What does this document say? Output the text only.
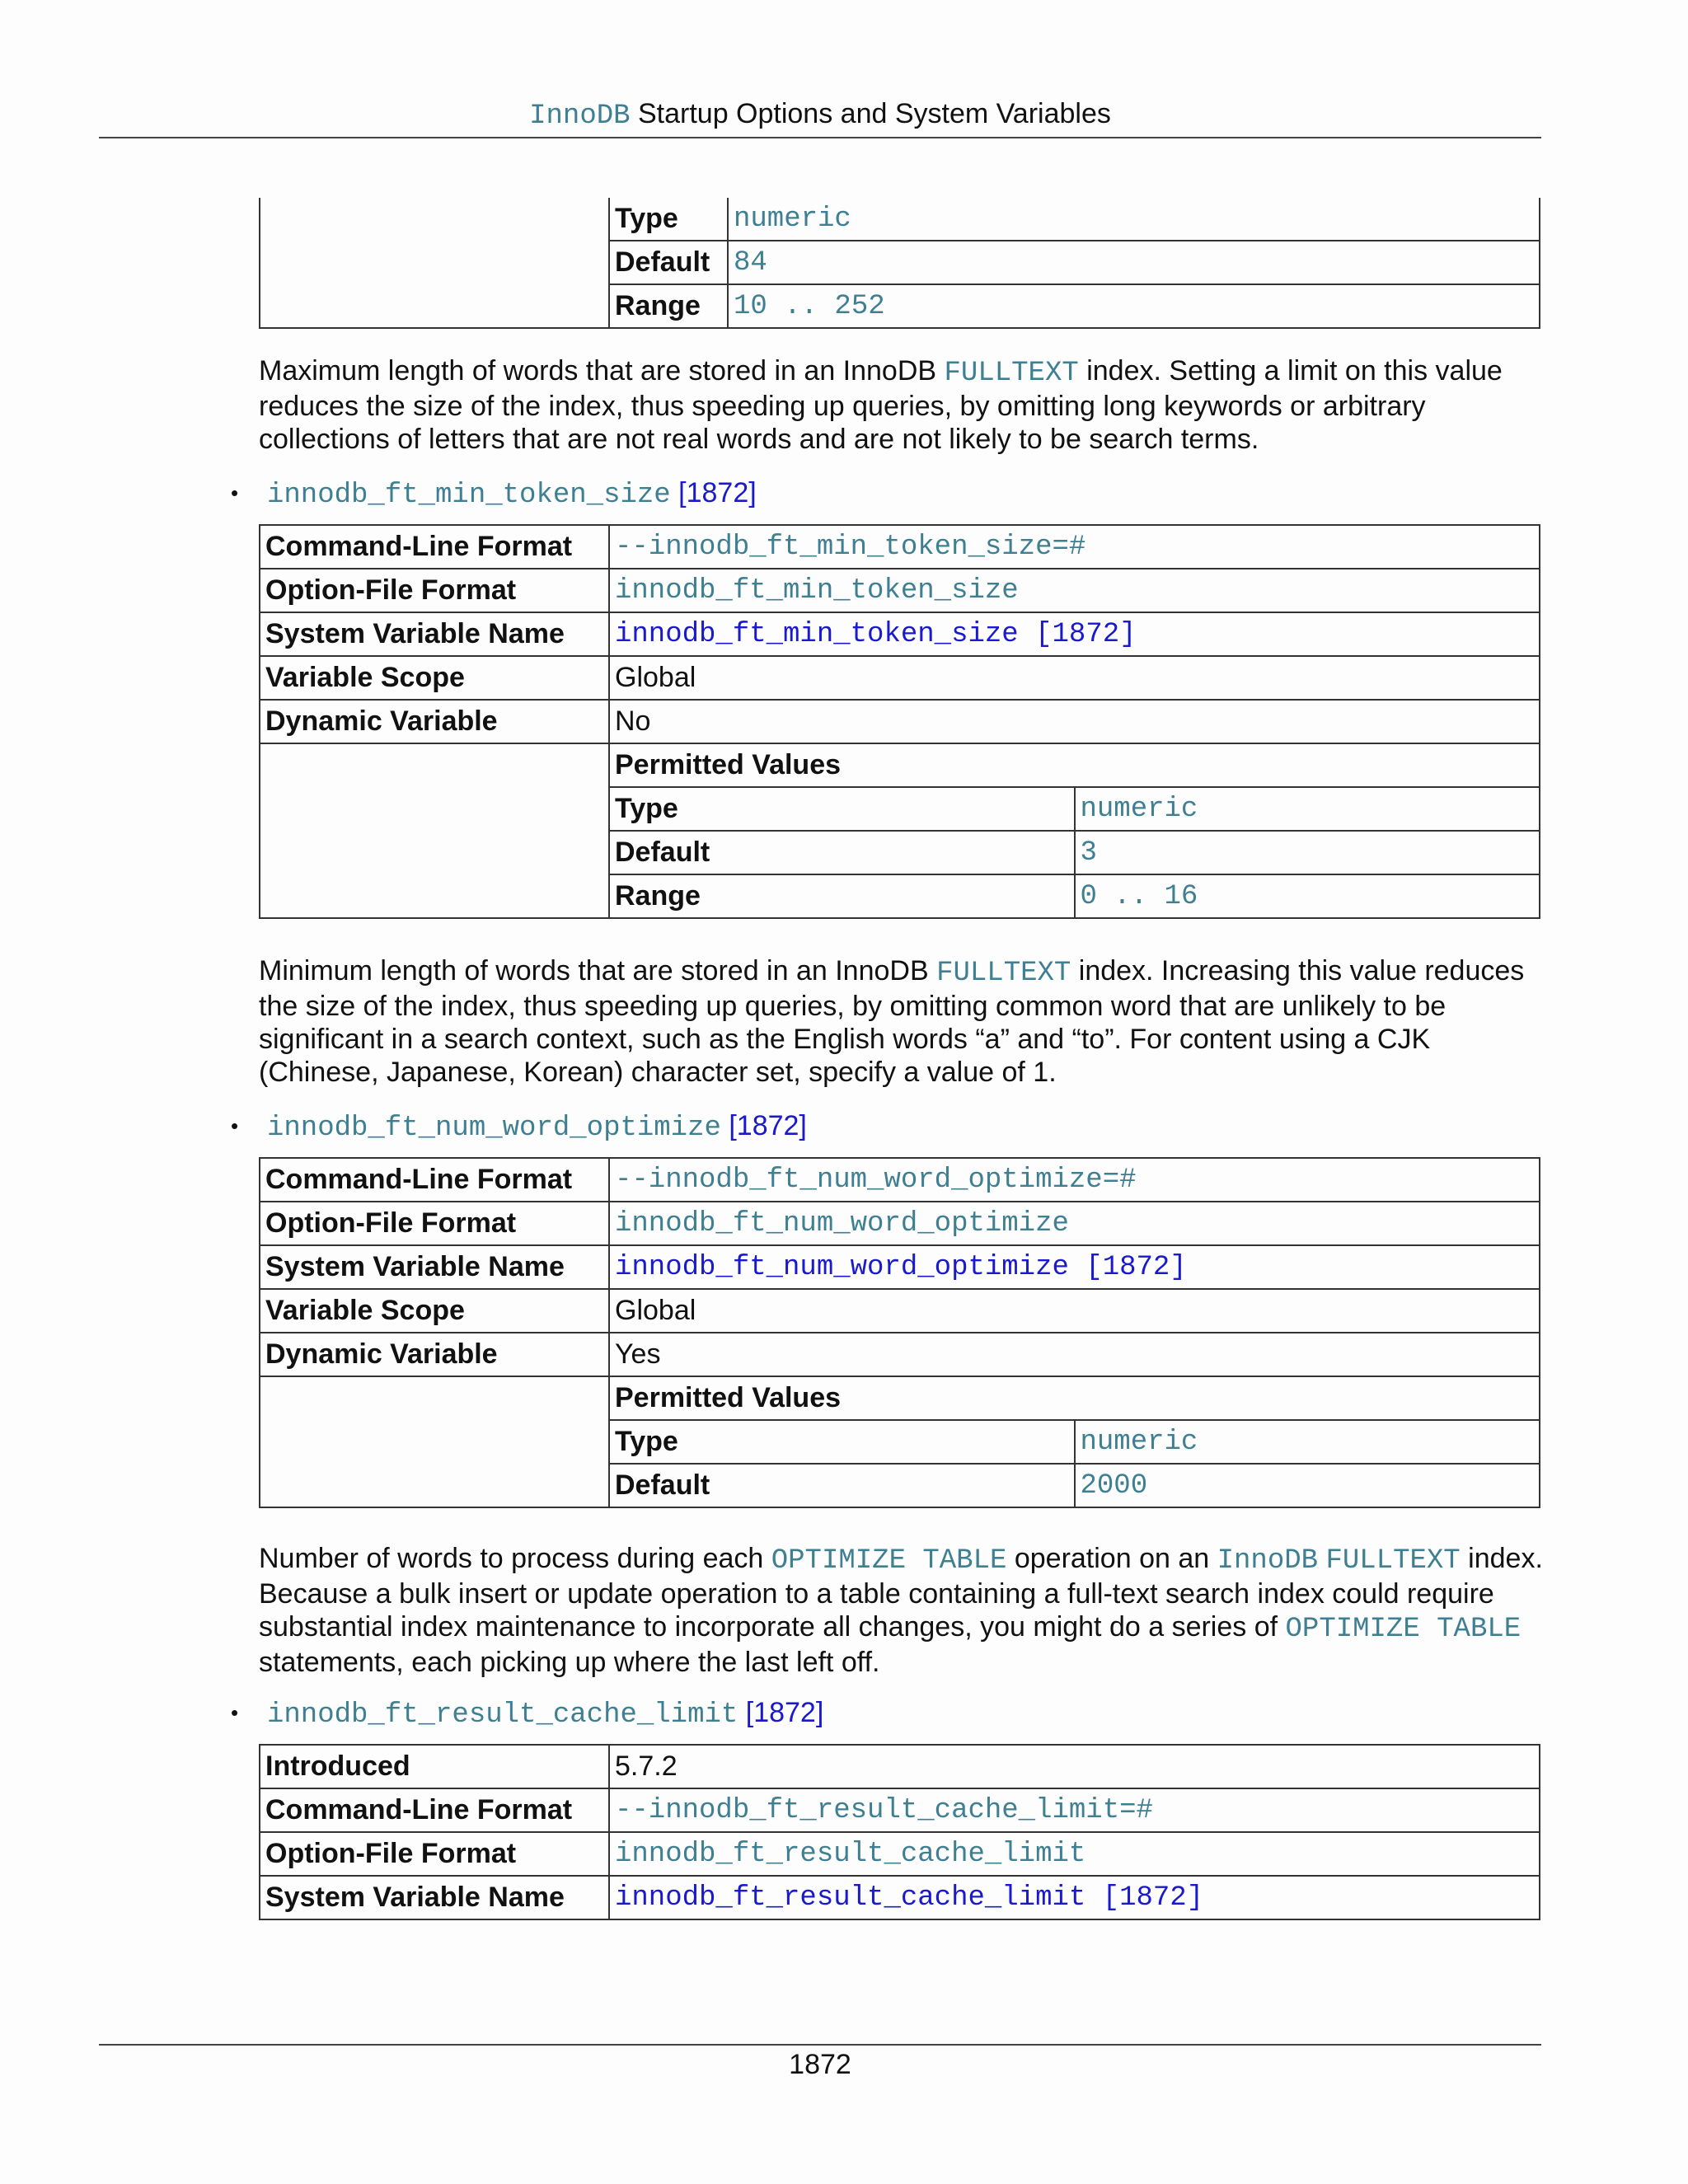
InnoDB Startup Options and System Variables
	Type	numeric
	Default	84
	Range	10 .. 252
Maximum length of words that are stored in an InnoDB FULLTEXT index. Setting a limit on this value reduces the size of the index, thus speeding up queries, by omitting long keywords or arbitrary collections of letters that are not real words and are not likely to be search terms.
• innodb_ft_min_token_size [1872]
Command-Line Format	--innodb_ft_min_token_size=#	
Option-File Format	innodb_ft_min_token_size	
System Variable Name	innodb_ft_min_token_size [1872]	
Variable Scope	Global	
Dynamic Variable	No	
	Permitted Values	
	Type	numeric
	Default	3
	Range	0 .. 16
Minimum length of words that are stored in an InnoDB FULLTEXT index. Increasing this value reduces the size of the index, thus speeding up queries, by omitting common word that are unlikely to be significant in a search context, such as the English words “a” and “to”. For content using a CJK (Chinese, Japanese, Korean) character set, specify a value of 1.
• innodb_ft_num_word_optimize [1872]
Command-Line Format	--innodb_ft_num_word_optimize=#	
Option-File Format	innodb_ft_num_word_optimize	
System Variable Name	innodb_ft_num_word_optimize [1872]	
Variable Scope	Global	
Dynamic Variable	Yes	
	Permitted Values	
	Type	numeric
	Default	2000
Number of words to process during each OPTIMIZE TABLE operation on an InnoDB FULLTEXT index. Because a bulk insert or update operation to a table containing a full-text search index could require substantial index maintenance to incorporate all changes, you might do a series of OPTIMIZE TABLE statements, each picking up where the last left off.
• innodb_ft_result_cache_limit [1872]
Introduced	5.7.2
Command-Line Format	--innodb_ft_result_cache_limit=#
Option-File Format	innodb_ft_result_cache_limit
System Variable Name	innodb_ft_result_cache_limit [1872]
1872
